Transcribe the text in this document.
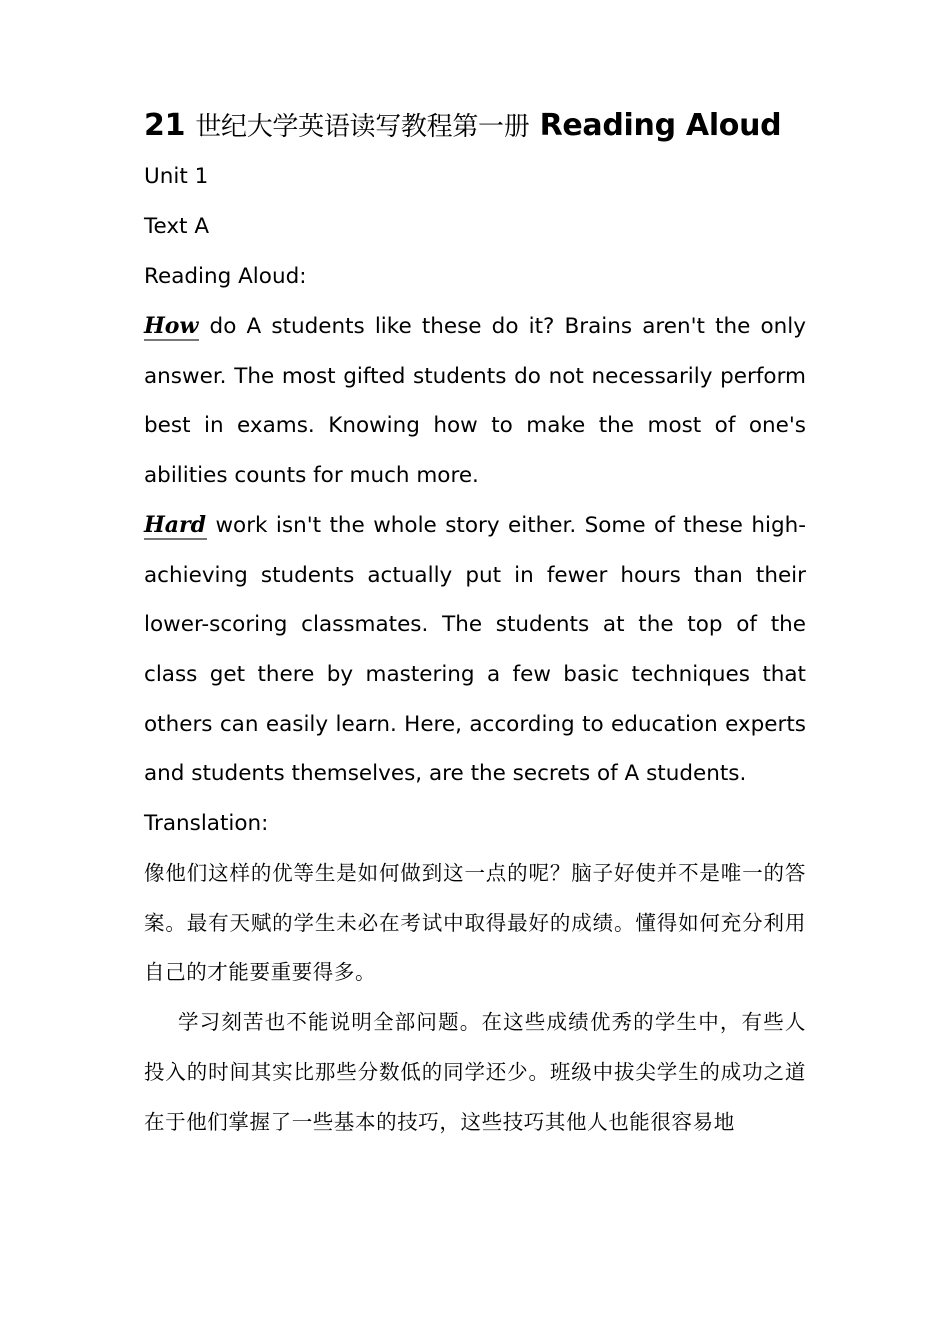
21 世纪大学英语读写教程第一册 Reading Aloud

Unit 1

Text A

Reading Aloud:

How do A students like these do it? Brains aren't the only answer. The most gifted students do not necessarily perform best in exams. Knowing how to make the most of one's abilities counts for much more.

Hard work isn't the whole story either. Some of these high-achieving students actually put in fewer hours than their lower-scoring classmates. The students at the top of the class get there by mastering a few basic techniques that others can easily learn. Here, according to education experts and students themselves, are the secrets of A students.

Translation:

像他们这样的优等生是如何做到这一点的呢？脑子好使并不是唯一的答案。最有天赋的学生未必在考试中取得最好的成绩。懂得如何充分利用自己的才能要重要得多。

学习刻苦也不能说明全部问题。在这些成绩优秀的学生中，有些人投入的时间其实比那些分数低的同学还少。班级中拔尖学生的成功之道在于他们掌握了一些基本的技巧，这些技巧其他人也能很容易地
